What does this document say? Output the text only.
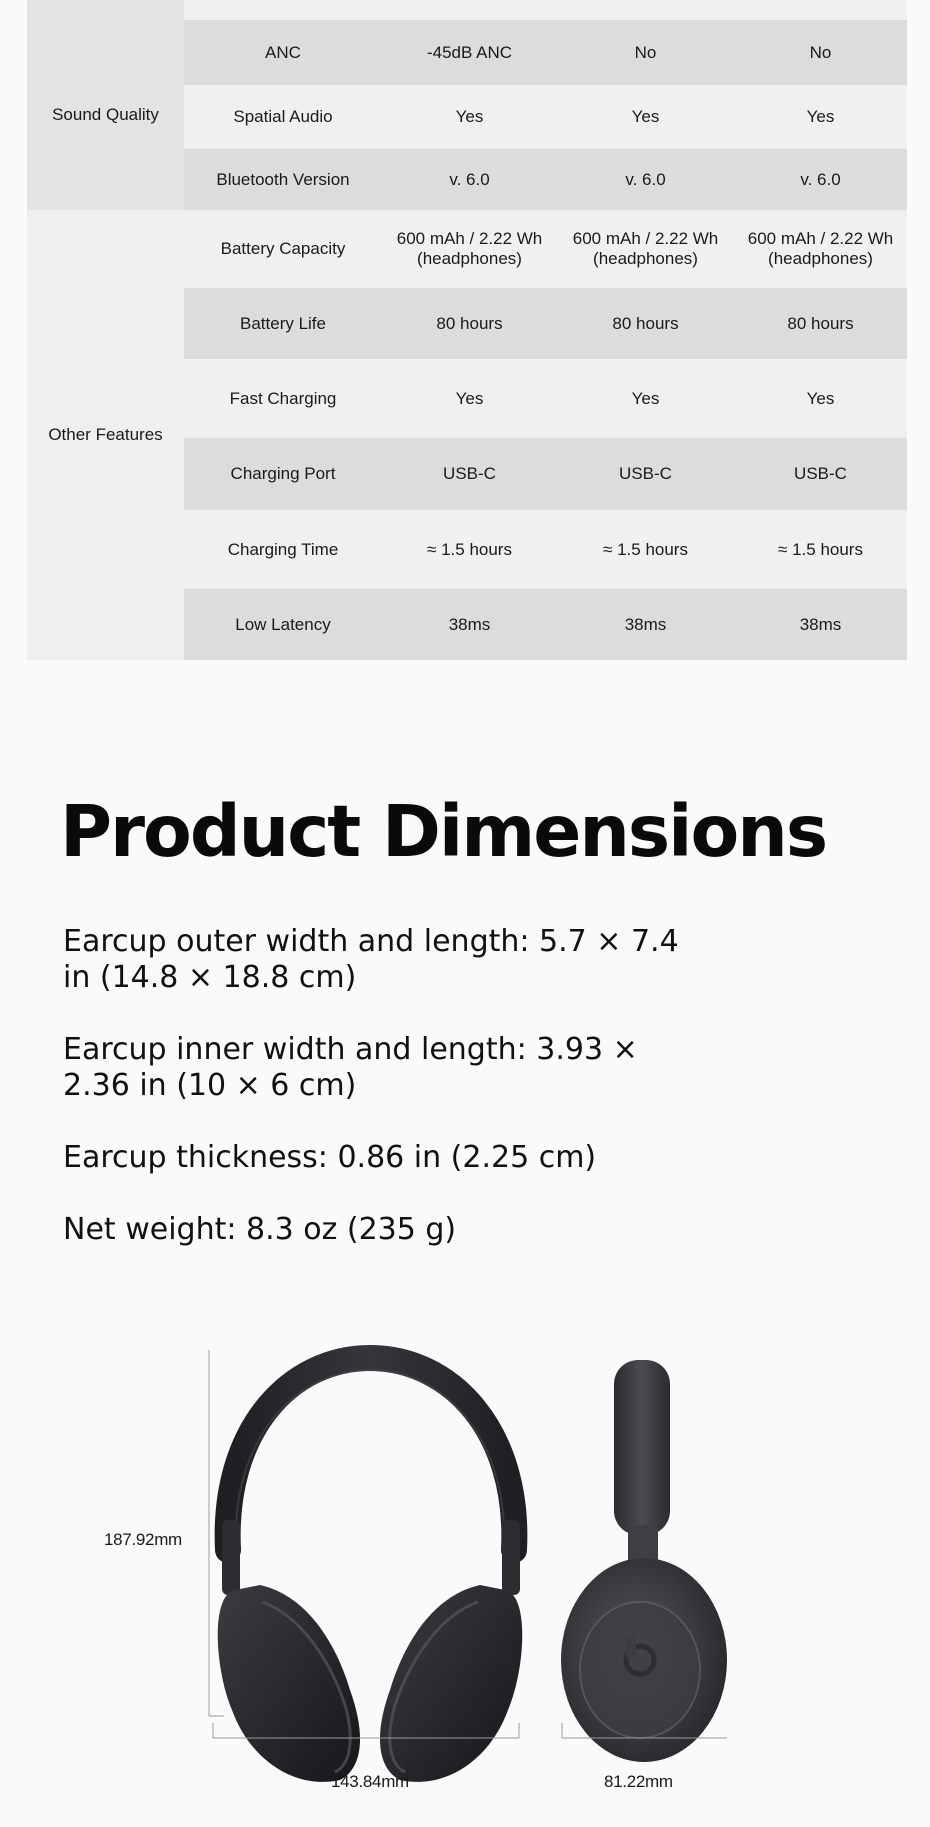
Sound Quality	ANC	-45dB ANC	No	No
	Spatial Audio	Yes	Yes	Yes
	Bluetooth Version	v. 6.0	v. 6.0	v. 6.0
Other Features	Battery Capacity	600 mAh / 2.22 Wh (headphones)	600 mAh / 2.22 Wh (headphones)	600 mAh / 2.22 Wh (headphones)
	Battery Life	80 hours	80 hours	80 hours
	Fast Charging	Yes	Yes	Yes
	Charging Port	USB-C	USB-C	USB-C
	Charging Time	≈ 1.5 hours	≈ 1.5 hours	≈ 1.5 hours
	Low Latency	38ms	38ms	38ms
Product Dimensions

Earcup outer width and length: 5.7 × 7.4 in (14.8 × 18.8 cm)

Earcup inner width and length: 3.93 × 2.36 in (10 × 6 cm)

Earcup thickness: 0.86 in (2.25 cm)

Net weight: 8.3 oz (235 g)

187.92mm
143.84mm	81.22mm
